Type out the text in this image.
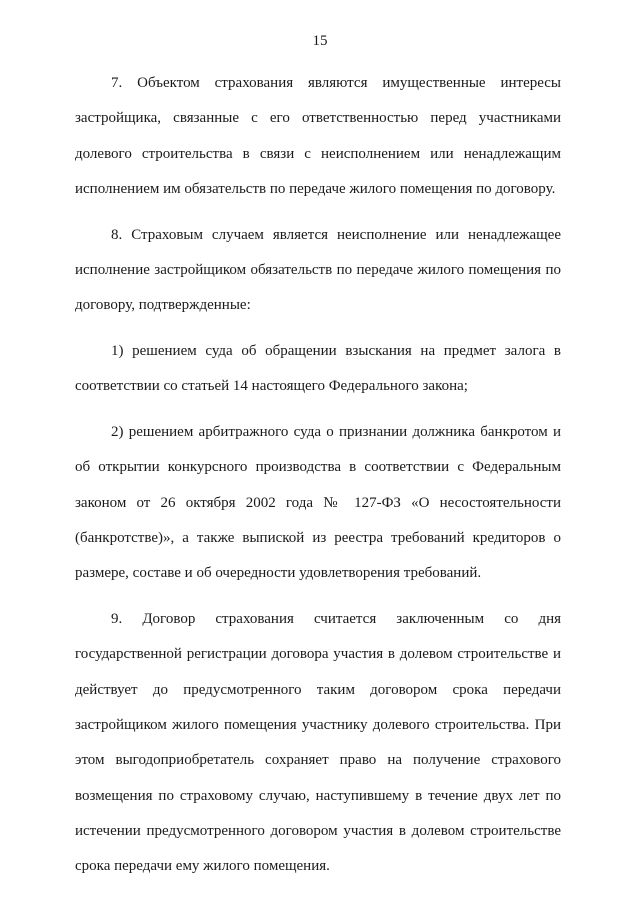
15
7. Объектом страхования являются имущественные интересы
застройщика, связанные с его ответственностью перед участниками
долевого строительства в связи с неисполнением или ненадлежащим
исполнением им обязательств по передаче жилого помещения по договору.
8. Страховым случаем является неисполнение или ненадлежащее
исполнение застройщиком обязательств по передаче жилого помещения по
договору, подтвержденные:
1) решением суда об обращении взыскания на предмет залога в
соответствии со статьей 14 настоящего Федерального закона;
2) решением арбитражного суда о признании должника банкротом и
об открытии конкурсного производства в соответствии с Федеральным
законом от 26 октября 2002 года № 127-ФЗ «О несостоятельности
(банкротстве)», а также выпиской из реестра требований кредиторов о
размере, составе и об очередности удовлетворения требований.
9. Договор страхования считается заключенным со дня
государственной регистрации договора участия в долевом строительстве и
действует до предусмотренного таким договором срока передачи
застройщиком жилого помещения участнику долевого строительства. При
этом выгодоприобретатель сохраняет право на получение страхового
возмещения по страховому случаю, наступившему в течение двух лет по
истечении предусмотренного договором участия в долевом строительстве
срока передачи ему жилого помещения.
